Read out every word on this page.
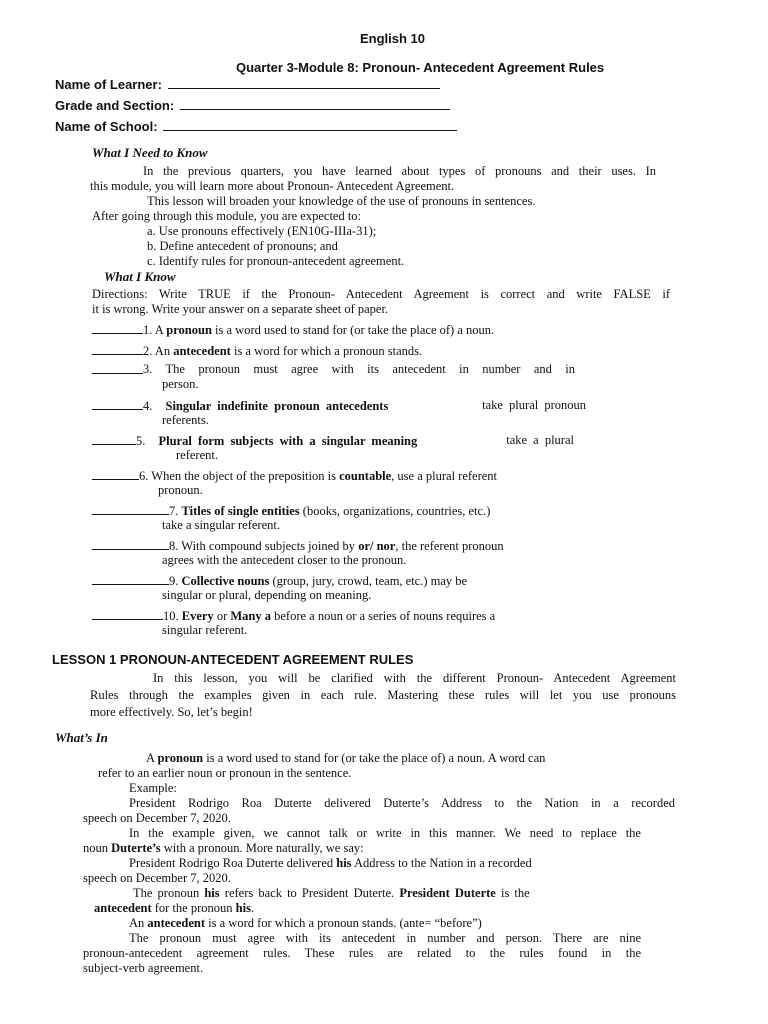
English 10
Quarter 3-Module 8: Pronoun- Antecedent Agreement Rules
Name of Learner:
Grade and Section:
Name of School:
What I Need to Know
In the previous quarters, you have learned about types of pronouns and their uses. In
this module, you will learn more about Pronoun- Antecedent Agreement.
This lesson will broaden your knowledge of the use of pronouns in sentences.
After going through this module, you are expected to:
a. Use pronouns effectively (EN10G-IIIa-31);
b. Define antecedent of pronouns; and
c. Identify rules for pronoun-antecedent agreement.
What I Know
Directions: Write TRUE if the Pronoun- Antecedent Agreement is correct and write FALSE if
it is wrong. Write your answer on a separate sheet of paper.
1. A pronoun is a word used to stand for (or take the place of) a noun.
2. An antecedent is a word for which a pronoun stands.
3. The pronoun must agree with its antecedent in number and in
person.
4. Singular indefinite pronoun antecedents	take plural pronoun
referents.
5. Plural form subjects with a singular meaning	take a plural
referent.
6. When the object of the preposition is countable, use a plural referent
pronoun.
7. Titles of single entities (books, organizations, countries, etc.)
take a singular referent.
8. With compound subjects joined by or/ nor, the referent pronoun
agrees with the antecedent closer to the pronoun.
9. Collective nouns (group, jury, crowd, team, etc.) may be
singular or plural, depending on meaning.
10. Every or Many a before a noun or a series of nouns requires a
singular referent.
LESSON 1 PRONOUN-ANTECEDENT AGREEMENT RULES
In this lesson, you will be clarified with the different Pronoun- Antecedent Agreement
Rules through the examples given in each rule. Mastering these rules will let you use pronouns
more effectively. So, let’s begin!
What’s In
A pronoun is a word used to stand for (or take the place of) a noun. A word can
refer to an earlier noun or pronoun in the sentence.
Example:
President Rodrigo Roa Duterte delivered Duterte’s Address to the Nation in a recorded
speech on December 7, 2020.
In the example given, we cannot talk or write in this manner. We need to replace the
noun Duterte’s with a pronoun. More naturally, we say:
President Rodrigo Roa Duterte delivered his Address to the Nation in a recorded
speech on December 7, 2020.
The pronoun his refers back to President Duterte. President Duterte is the
antecedent for the pronoun his.
An antecedent is a word for which a pronoun stands. (ante= “before”)
The pronoun must agree with its antecedent in number and person. There are nine
pronoun-antecedent agreement rules. These rules are related to the rules found in the
subject-verb agreement.
